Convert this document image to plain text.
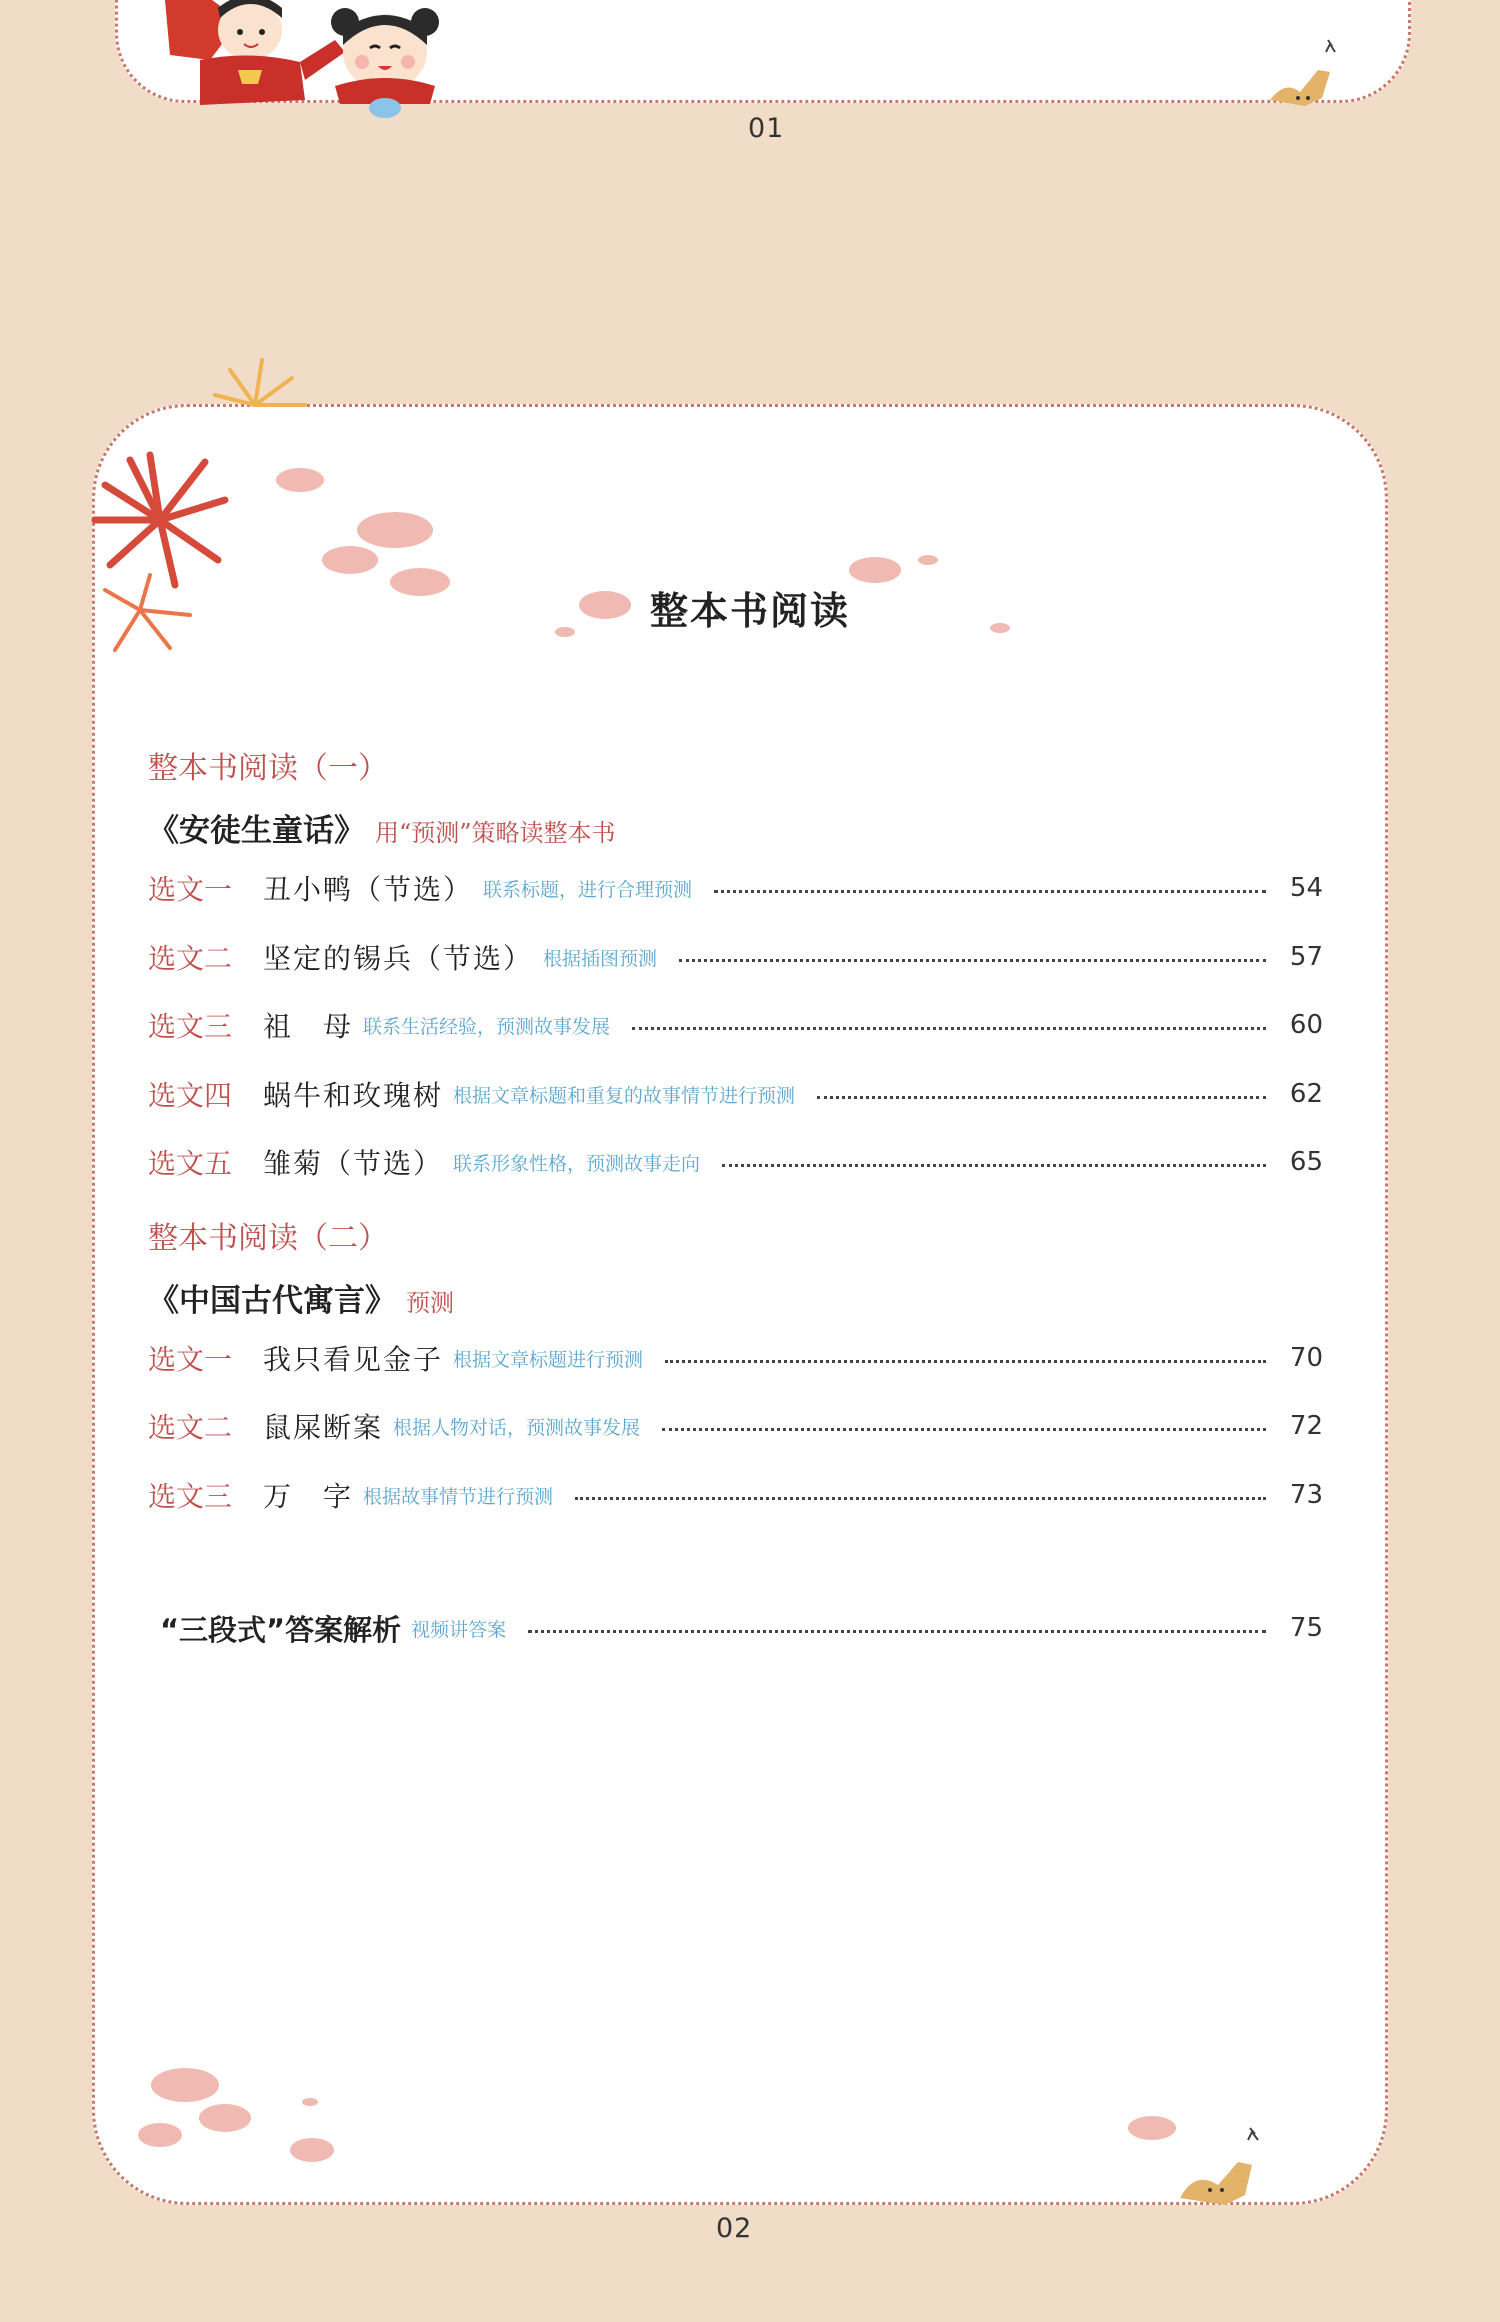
01
整本书阅读
整本书阅读（一）
《安徒生童话》 用“预测”策略读整本书
选文一	丑小鸭（节选） 联系标题，进行合理预测	54
选文二	坚定的锡兵（节选） 根据插图预测	57
选文三	祖　母 联系生活经验，预测故事发展	60
选文四	蜗牛和玫瑰树 根据文章标题和重复的故事情节进行预测	62
选文五	雏菊（节选） 联系形象性格，预测故事走向	65
整本书阅读（二）
《中国古代寓言》 预测
选文一	我只看见金子 根据文章标题进行预测	70
选文二	鼠屎断案 根据人物对话，预测故事发展	72
选文三	万　字 根据故事情节进行预测	73
“三段式”答案解析 视频讲答案	75
02
